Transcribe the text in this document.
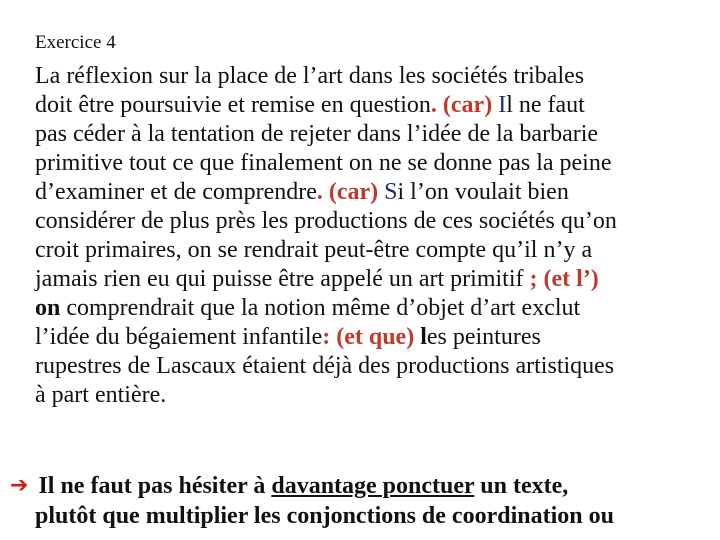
Exercice 4
La réflexion sur la place de l’art dans les sociétés tribales
doit être poursuivie et remise en question. (car) Il ne faut
pas céder à la tentation de rejeter dans l’idée de la barbarie
primitive tout ce que finalement on ne se donne pas la peine
d’examiner et de comprendre. (car) Si l’on voulait bien
considérer de plus près les productions de ces sociétés qu’on
croit primaires, on se rendrait peut-être compte qu’il n’y a
jamais rien eu qui puisse être appelé un art primitif ; (et l’)
on comprendrait que la notion même d’objet d’art exclut
l’idée du bégaiement infantile: (et que) les peintures
rupestres de Lascaux étaient déjà des productions artistiques
à part entière.
➔ Il ne faut pas hésiter à davantage ponctuer un texte,
plutôt que multiplier les conjonctions de coordination ou
